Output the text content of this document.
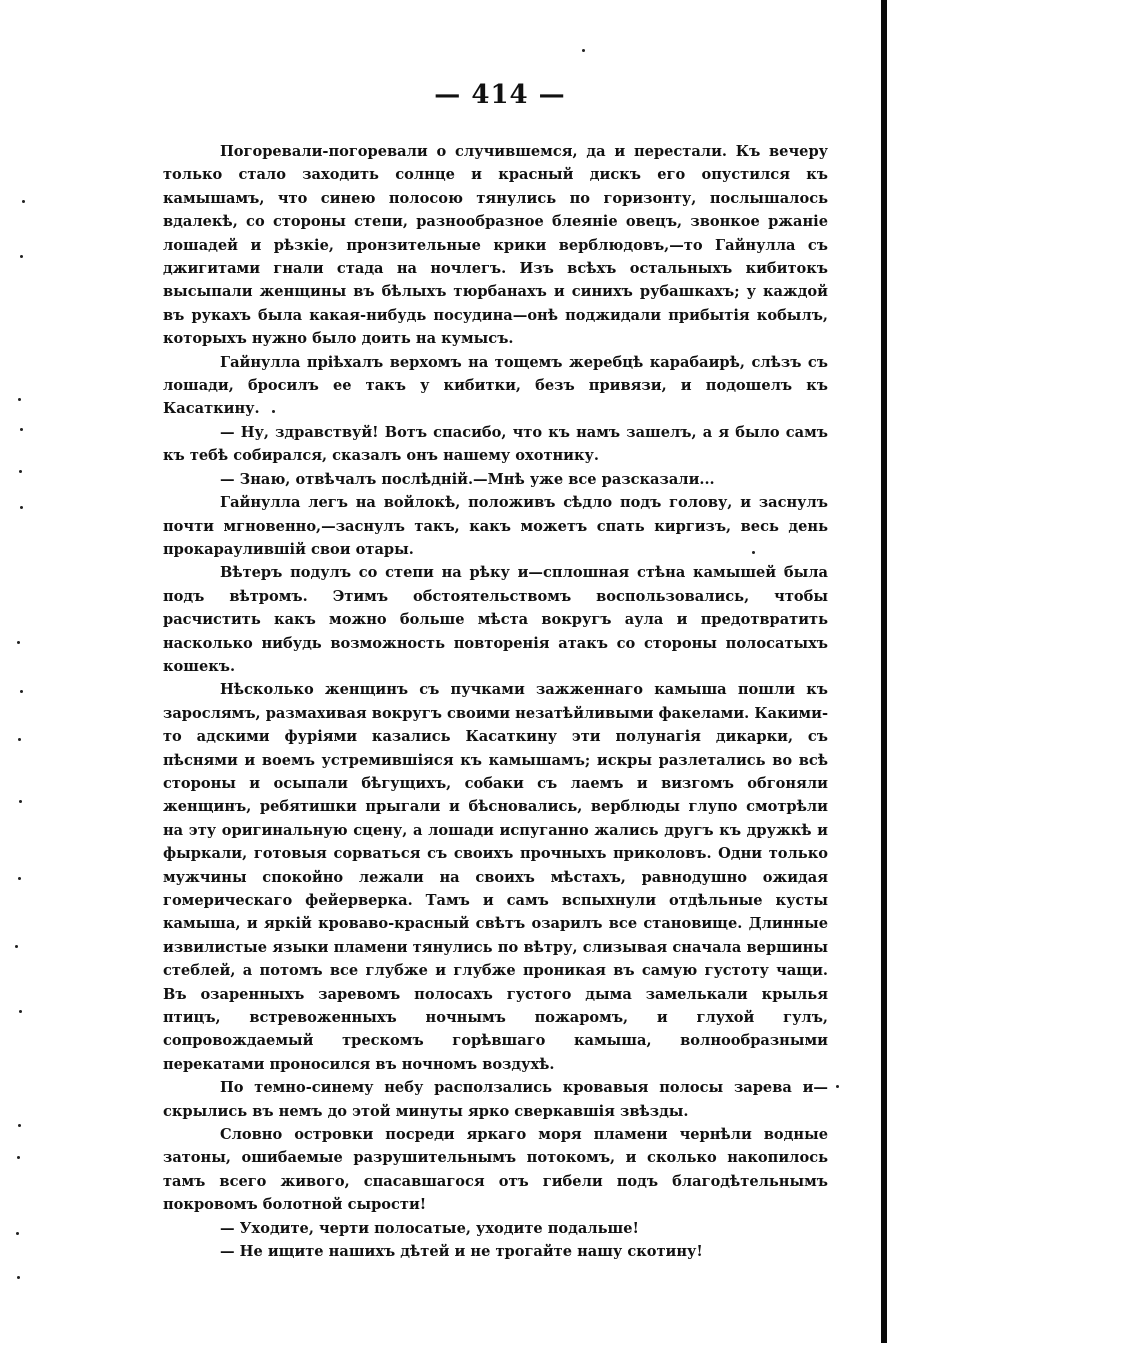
— 414 —

Погоревали-погоревали о случившемся, да и перестали. Къ вечеру только стало заходить солнце и красный дискъ его опустился къ камышамъ, что синею полосою тянулись по горизонту, послышалось вдалекѣ, со стороны степи, разнообразное блеяніе овецъ, звонкое ржаніе лошадей и рѣзкіе, пронзительные крики верблюдовъ,—то Гайнулла съ джигитами гнали стада на ночлегъ. Изъ всѣхъ остальныхъ кибитокъ высыпали женщины въ бѣлыхъ тюрбанахъ и синихъ рубашкахъ; у каждой въ рукахъ была какая-нибудь посудина—онѣ поджидали прибытія кобылъ, которыхъ нужно было доить на кумысъ.

Гайнулла пріѣхалъ верхомъ на тощемъ жеребцѣ карабаирѣ, слѣзъ съ лошади, бросилъ ее такъ у кибитки, безъ привязи, и подошелъ къ Касаткину.

— Ну, здравствуй! Вотъ спасибо, что къ намъ зашелъ, а я было самъ къ тебѣ собирался, сказалъ онъ нашему охотнику.

— Знаю, отвѣчалъ послѣдній.—Мнѣ уже все разсказали...

Гайнулла легъ на войлокѣ, положивъ сѣдло подъ голову, и заснулъ почти мгновенно,—заснулъ такъ, какъ можетъ спать киргизъ, весь день прокараулившій свои отары.

Вѣтеръ подулъ со степи на рѣку и—сплошная стѣна камышей была подъ вѣтромъ. Этимъ обстоятельствомъ воспользовались, чтобы расчистить какъ можно больше мѣста вокругъ аула и предотвратить насколько нибудь возможность повторенія атакъ со стороны полосатыхъ кошекъ.

Нѣсколько женщинъ съ пучками зажженнаго камыша пошли къ зарослямъ, размахивая вокругъ своими незатѣйливыми факелами. Какими-то адскими фуріями казались Касаткину эти полунагія дикарки, съ пѣснями и воемъ устремившіяся къ камышамъ; искры разлетались во всѣ стороны и осыпали бѣгущихъ, собаки съ лаемъ и визгомъ обгоняли женщинъ, ребятишки прыгали и бѣсновались, верблюды глупо смотрѣли на эту оригинальную сцену, а лошади испуганно жались другъ къ дружкѣ и фыркали, готовыя сорваться съ своихъ прочныхъ приколовъ. Одни только мужчины спокойно лежали на своихъ мѣстахъ, равнодушно ожидая гомерическаго фейерверка. Тамъ и самъ вспыхнули отдѣльные кусты камыша, и яркій кроваво-красный свѣтъ озарилъ все становище. Длинные извилистые языки пламени тянулись по вѣтру, слизывая сначала вершины стеблей, а потомъ все глубже и глубже проникая въ самую густоту чащи. Въ озаренныхъ заревомъ полосахъ густого дыма замелькали крылья птицъ, встревоженныхъ ночнымъ пожаромъ, и глухой гулъ, сопровождаемый трескомъ горѣвшаго камыша, волнообразными перекатами проносился въ ночномъ воздухѣ.

По темно-синему небу расползались кровавыя полосы зарева и—скрылись въ немъ до этой минуты ярко сверкавшія звѣзды.

Словно островки посреди яркаго моря пламени чернѣли водные затоны, ошибаемые разрушительнымъ потокомъ, и сколько накопилось тамъ всего живого, спасавшагося отъ гибели подъ благодѣтельнымъ покровомъ болотной сырости!

— Уходите, черти полосатые, уходите подальше!

— Не ищите нашихъ дѣтей и не трогайте нашу скотину!
